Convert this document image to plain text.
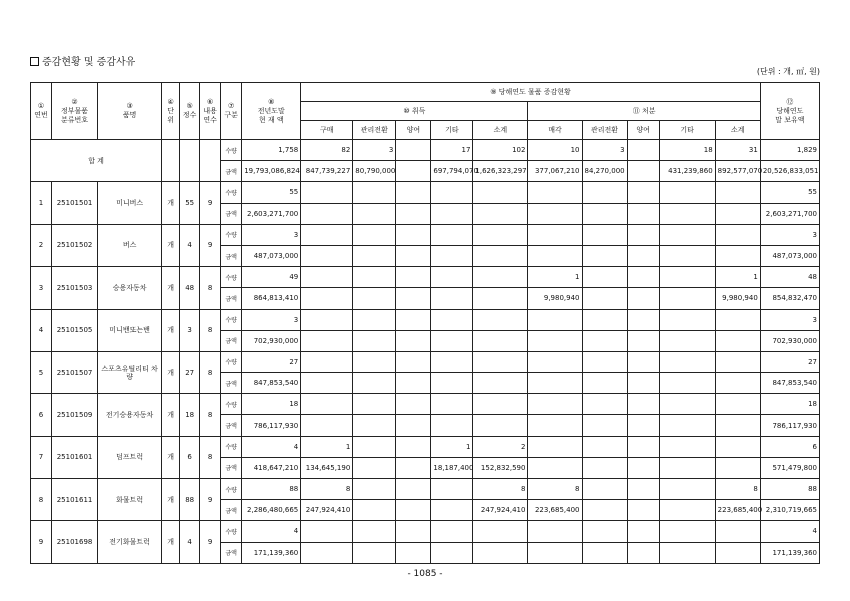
증감현황 및 증감사유
(단위 : 개, ㎡, 원)
①
연번	②
정부물품
분류번호	③
품명	④
단위	⑤
정수	⑥
내용
연수	⑦
구분	⑧
전년도말
현 재 액	⑨ 당해연도 물품 증감현황										⑫
당해연도
말 보유액
								⑩ 취득					⑪ 처분					
								구매	관리전환	양여	기타	소계	매각	관리전환	양여	기타	소계	
합 계						수량	1,758	82	3		17	102	10	3		18	31	1,829
						금액	19,793,086,824	847,739,227	80,790,000		697,794,070	1,626,323,297	377,067,210	84,270,000		431,239,860	892,577,070	20,526,833,051
1	25101501	미니버스	개	55	9	수량	55											55
						금액	2,603,271,700											2,603,271,700
2	25101502	버스	개	4	9	수량	3											3
						금액	487,073,000											487,073,000
3	25101503	승용자동차	개	48	8	수량	49						1				1	48
						금액	864,813,410						9,980,940				9,980,940	854,832,470
4	25101505	미니밴또는밴	개	3	8	수량	3											3
						금액	702,930,000											702,930,000
5	25101507	스포츠유틸리티 차량	개	27	8	수량	27											27
						금액	847,853,540											847,853,540
6	25101509	전기승용자동차	개	18	8	수량	18											18
						금액	786,117,930											786,117,930
7	25101601	덤프트럭	개	6	8	수량	4	1			1	2						6
						금액	418,647,210	134,645,190			18,187,400	152,832,590						571,479,800
8	25101611	화물트럭	개	88	9	수량	88	8				8	8				8	88
						금액	2,286,480,665	247,924,410				247,924,410	223,685,400				223,685,400	2,310,719,665
9	25101698	전기화물트럭	개	4	9	수량	4											4
						금액	171,139,360											171,139,360
- 1085 -
